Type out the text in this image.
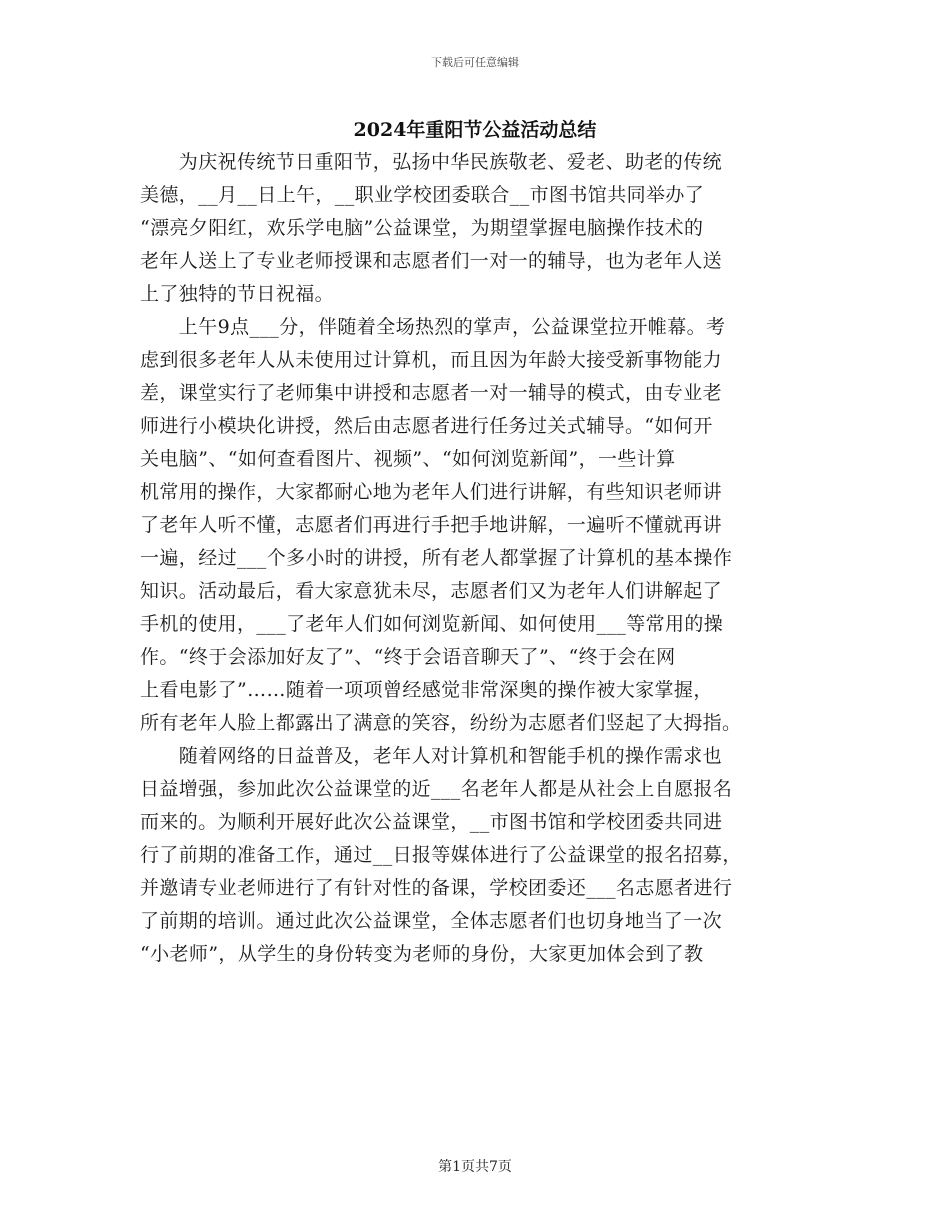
下载后可任意编辑
2024年重阳节公益活动总结
　　为庆祝传统节日重阳节，弘扬中华民族敬老、爱老、助老的传统
美德，__月__日上午，__职业学校团委联合__市图书馆共同举办了
“漂亮夕阳红，欢乐学电脑”公益课堂，为期望掌握电脑操作技术的
老年人送上了专业老师授课和志愿者们一对一的辅导，也为老年人送
上了独特的节日祝福。
　　上午9点___分，伴随着全场热烈的掌声，公益课堂拉开帷幕。考
虑到很多老年人从未使用过计算机，而且因为年龄大接受新事物能力
差，课堂实行了老师集中讲授和志愿者一对一辅导的模式，由专业老
师进行小模块化讲授，然后由志愿者进行任务过关式辅导。“如何开
关电脑”、“如何查看图片、视频”、“如何浏览新闻”，一些计算
机常用的操作，大家都耐心地为老年人们进行讲解，有些知识老师讲
了老年人听不懂，志愿者们再进行手把手地讲解，一遍听不懂就再讲
一遍，经过___个多小时的讲授，所有老人都掌握了计算机的基本操作
知识。活动最后，看大家意犹未尽，志愿者们又为老年人们讲解起了
手机的使用，___了老年人们如何浏览新闻、如何使用___等常用的操
作。“终于会添加好友了”、“终于会语音聊天了”、“终于会在网
上看电影了”……随着一项项曾经感觉非常深奥的操作被大家掌握，
所有老年人脸上都露出了满意的笑容，纷纷为志愿者们竖起了大拇指。
　　随着网络的日益普及，老年人对计算机和智能手机的操作需求也
日益增强，参加此次公益课堂的近___名老年人都是从社会上自愿报名
而来的。为顺利开展好此次公益课堂，__市图书馆和学校团委共同进
行了前期的准备工作，通过__日报等媒体进行了公益课堂的报名招募，
并邀请专业老师进行了有针对性的备课，学校团委还___名志愿者进行
了前期的培训。通过此次公益课堂，全体志愿者们也切身地当了一次
“小老师”，从学生的身份转变为老师的身份，大家更加体会到了教
第1页共7页
